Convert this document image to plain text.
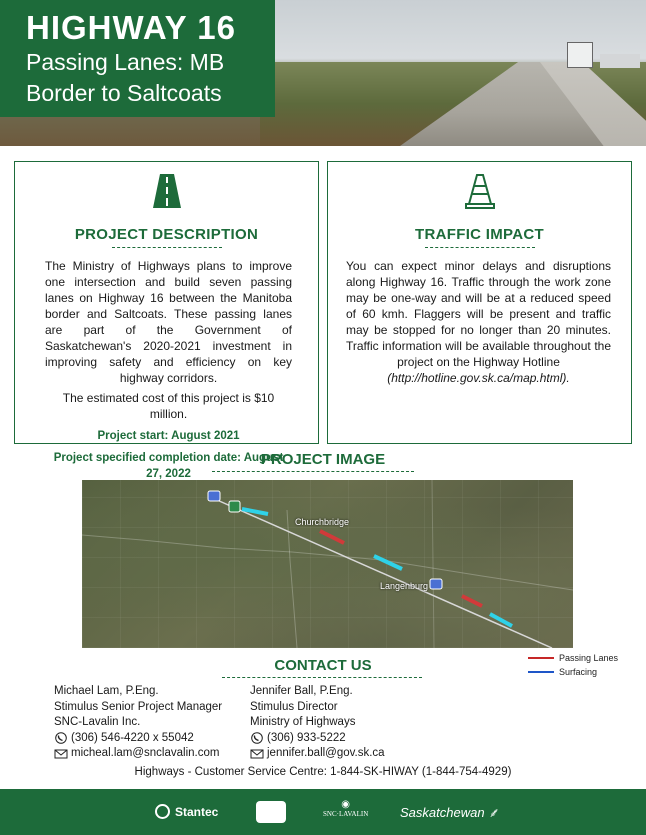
HIGHWAY 16
Passing Lanes: MB
Border to Saltcoats
PROJECT DESCRIPTION
The Ministry of Highways plans to improve one intersection and build seven passing lanes on Highway 16 between the Manitoba border and Saltcoats. These passing lanes are part of the Government of Saskatchewan's 2020-2021 investment in improving safety and efficiency on key highway corridors.
The estimated cost of this project is $10 million.
Project start: August 2021
Project specified completion date: August 27, 2022
TRAFFIC IMPACT
You can expect minor delays and disruptions along Highway 16. Traffic through the work zone may be one-way and will be at a reduced speed of 60 kmh. Flaggers will be present and traffic may be stopped for no longer than 20 minutes. Traffic information will be available throughout the project on the Highway Hotline
(http://hotline.gov.sk.ca/map.html).
PROJECT IMAGE
Churchbridge
Langenburg
Passing Lanes
Surfacing
CONTACT US
Michael Lam, P.Eng.
Stimulus Senior Project Manager
SNC-Lavalin Inc.
(306) 546-4220 x 55042
micheal.lam@snclavalin.com
Jennifer Ball, P.Eng.
Stimulus Director
Ministry of Highways
(306) 933-5222
jennifer.ball@gov.sk.ca
Highways - Customer Service Centre: 1-844-SK-HIWAY (1-844-754-4929)
Stantec	◉
SNC·LAVALIN Saskatchewan ⸙
